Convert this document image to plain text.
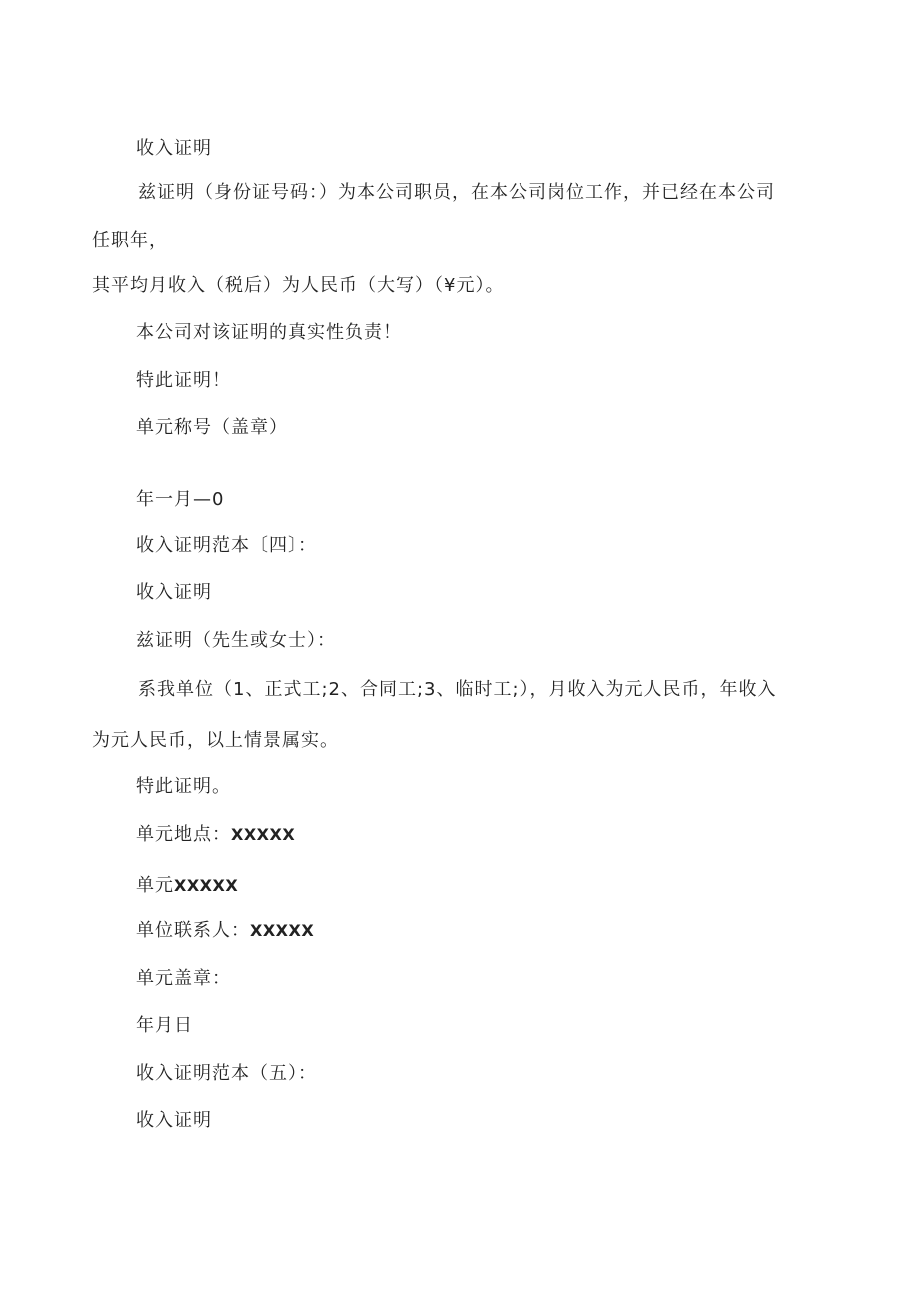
收入证明
兹证明（身份证号码：）为本公司职员，在本公司岗位工作，并已经在本公司
任职年，
其平均月收入（税后）为人民币（大写）（¥元）。
本公司对该证明的真实性负责！
特此证明！
单元称号（盖章）
年一月—0
收入证明范本〔四〕：
收入证明
兹证明（先生或女士）：
系我单位（1、正式工;2、合同工;3、临时工;），月收入为元人民币，年收入
为元人民币，以上情景属实。
特此证明。
单元地点：XXXXX
单元XXXXX
单位联系人：XXXXX
单元盖章：
年月日
收入证明范本（五）：
收入证明
